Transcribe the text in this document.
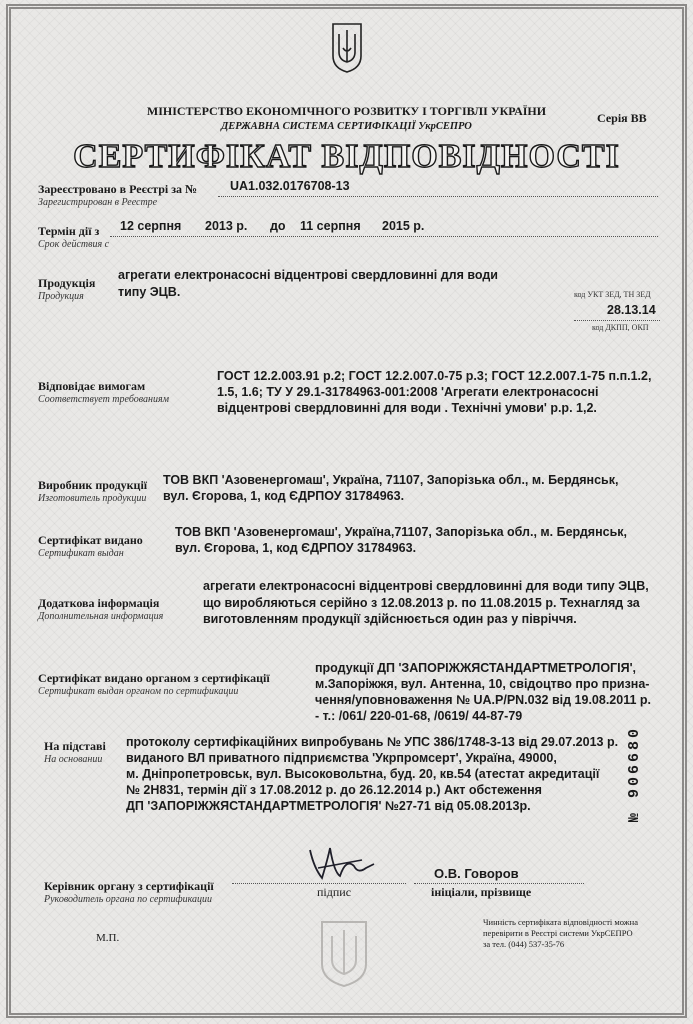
МІНІСТЕРСТВО ЕКОНОМІЧНОГО РОЗВИТКУ І ТОРГІВЛІ УКРАЇНИ
ДЕРЖАВНА СИСТЕМА СЕРТИФІКАЦІЇ УкрСЕПРО
Серія ВВ
СЕРТИФІКАТ ВІДПОВІДНОСТІ
Зареєстровано в Реєстрі за №
Зарегистрирован в Реестре
UA1.032.0176708-13
Термін дії з
Срок действия с
12 серпня 2013 р. до 11 серпня 2015 р.
Продукція
Продукция
агрегати електронасосні відцентрові свердловинні для води
типу ЭЦВ.	код УКТ ЗЕД, ТН ЗЕД
28.13.14
код ДКПП, ОКП
Відповідає вимогам
Соответствует требованиям
ГОСТ 12.2.003.91 р.2; ГОСТ 12.2.007.0-75 р.3; ГОСТ 12.2.007.1-75 п.п.1.2,
1.5, 1.6; ТУ У 29.1-31784963-001:2008 'Агрегати електронасосні
відцентрові свердловинні для води . Технічні умови' р.р. 1,2.
Виробник продукції
Изготовитель продукции
ТОВ ВКП 'Азовенергомаш', Україна, 71107, Запорізька обл., м. Бердянськ,
вул. Єгорова, 1, код ЄДРПОУ 31784963.
Сертифікат видано
Сертификат выдан
ТОВ ВКП 'Азовенергомаш', Україна,71107, Запорізька обл., м. Бердянськ,
вул. Єгорова, 1, код ЄДРПОУ 31784963.
Додаткова інформація
Дополнительная информация
агрегати електронасосні відцентрові свердловинні для води типу ЭЦВ,
що виробляються серійно з 12.08.2013 р. по 11.08.2015 р. Технагляд за
виготовленням продукції здійснюється один раз у півріччя.
Сертифікат видано органом з сертифікації
Сертификат выдан органом по сертификации
продукції ДП 'ЗАПОРІЖЖЯСТАНДАРТМЕТРОЛОГІЯ',
м.Запоріжжя, вул. Антенна, 10, свідоцтво про призна-
чення/уповноваження № UA.P/PN.032 від 19.08.2011 р.
- т.: /061/ 220-01-68, /0619/ 44-87-79
На підставі
На основании
протоколу сертифікаційних випробувань № УПС 386/1748-3-13 від 29.07.2013 р.
виданого ВЛ приватного підприємства 'Укрпромсерт', Україна, 49000,
м. Дніпропетровськ, вул. Высоковольтна, буд. 20, кв.54 (атестат акредитації
№ 2Н831, термін дії з 17.08.2012 р. до 26.12.2014 р.) Акт обстеження
ДП 'ЗАПОРІЖЖЯСТАНДАРТМЕТРОЛОГІЯ' №27-71 від 05.08.2013р.
№ 906680
О.В. Говоров
Керівник органу з сертифікації
Руководитель органа по сертификации
підпис	ініціали, прізвище
М.П.
Чинність сертифіката відповідності можна
перевірити в Реєстрі системи УкрСЕПРО
за тел. (044) 537-35-76
